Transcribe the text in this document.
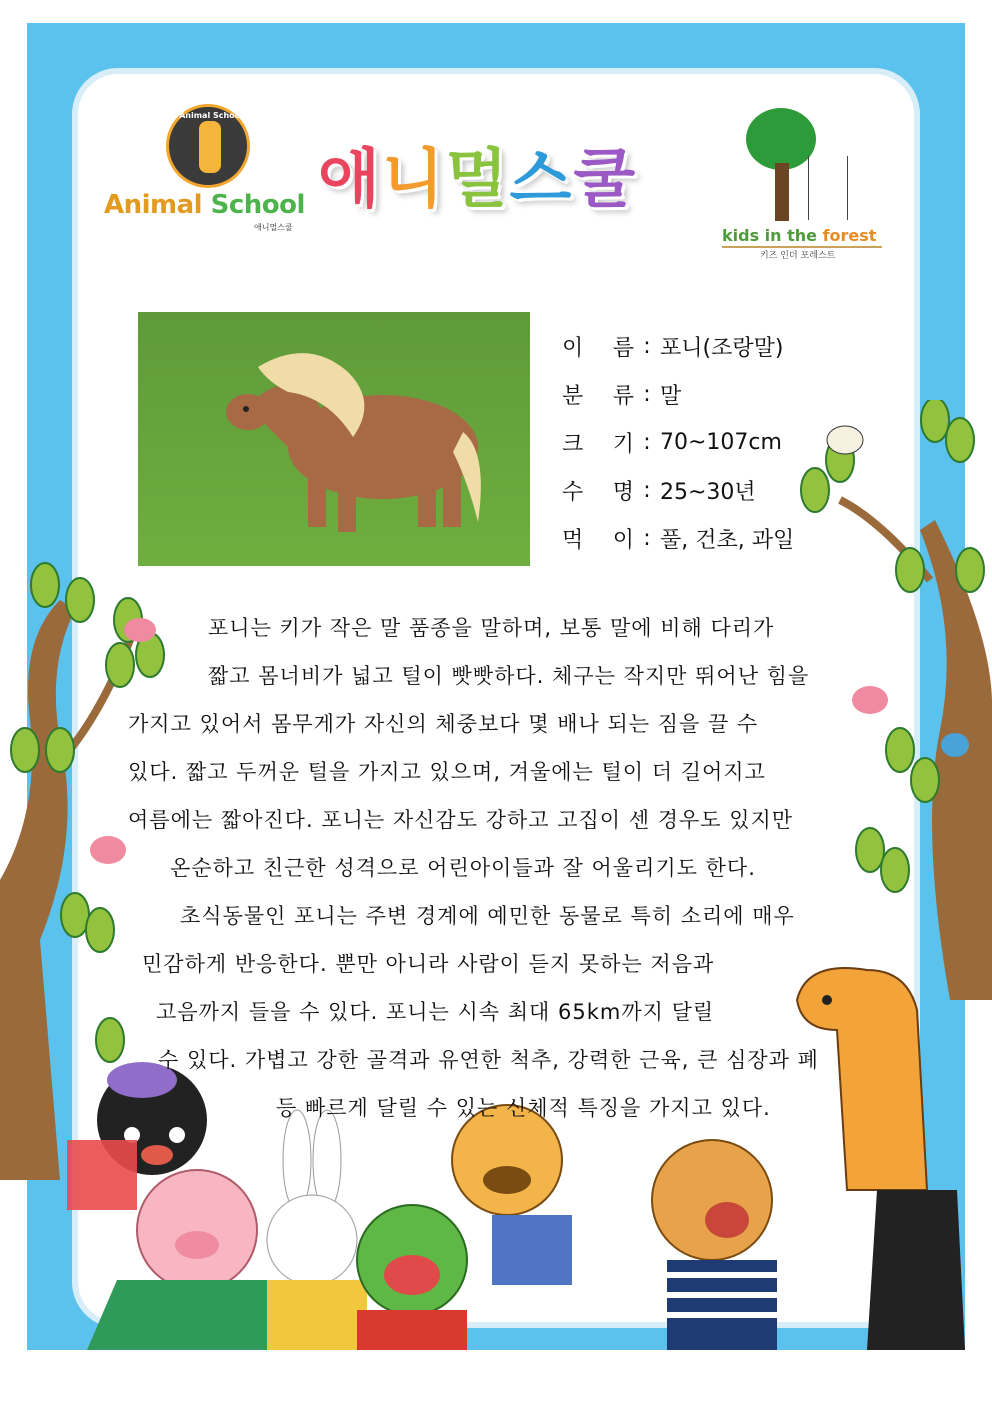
Animal School
Animal School
애니멀스쿨
애니멀스쿨
kids in the forest
키즈 인더 포레스트
이 름 : 포니(조랑말)
분 류 : 말
크 기 : 70~107cm
수 명 : 25~30년
먹 이 : 풀, 건초, 과일
포니는 키가 작은 말 품종을 말하며, 보통 말에 비해 다리가
짧고 몸너비가 넓고 털이 빳빳하다. 체구는 작지만 뛰어난 힘을
가지고 있어서 몸무게가 자신의 체중보다 몇 배나 되는 짐을 끌 수
있다. 짧고 두꺼운 털을 가지고 있으며, 겨울에는 털이 더 길어지고
여름에는 짧아진다. 포니는 자신감도 강하고 고집이 센 경우도 있지만
온순하고 친근한 성격으로 어린아이들과 잘 어울리기도 한다.
초식동물인 포니는 주변 경계에 예민한 동물로 특히 소리에 매우
민감하게 반응한다. 뿐만 아니라 사람이 듣지 못하는 저음과
고음까지 들을 수 있다. 포니는 시속 최대 65km까지 달릴
수 있다. 가볍고 강한 골격과 유연한 척추, 강력한 근육, 큰 심장과 폐
등 빠르게 달릴 수 있는 신체적 특징을 가지고 있다.
